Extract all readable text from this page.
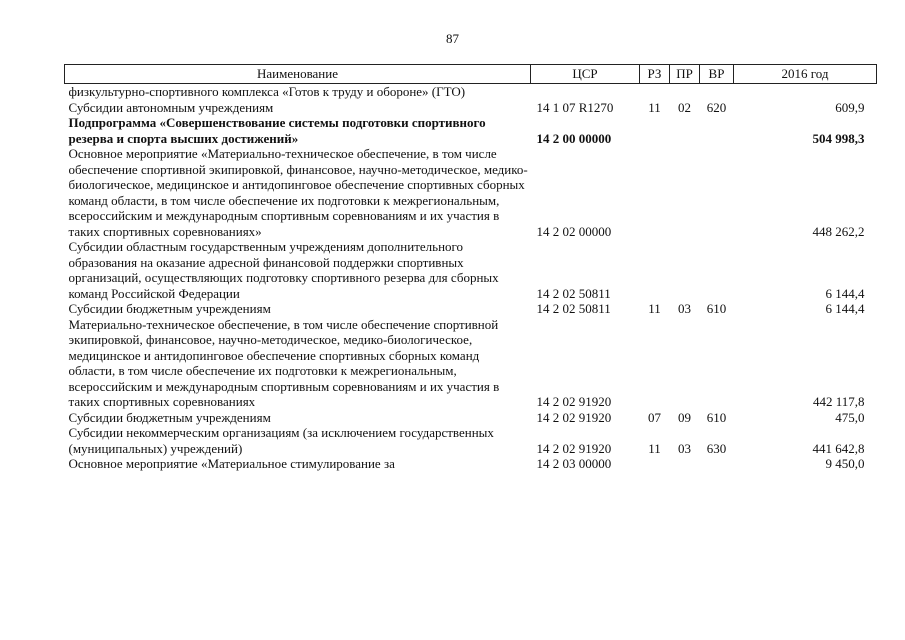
87
Наименование	ЦСР	РЗ	ПР	ВР	2016 год
физкультурно-спортивного комплекса «Готов к труду и обороне» (ГТО)					
Субсидии автономным учреждениям	14 1 07 R1270	11	02	620	609,9
Подпрограмма «Совершенствование системы подготовки спортивного резерва и спорта высших достижений»	14 2 00 00000				504 998,3
Основное мероприятие «Материально-техническое обеспечение, в том числе обеспечение спортивной экипировкой, финансовое, научно-методическое, медико-биологическое, медицинское и антидопинговое обеспечение спортивных сборных команд области, в том числе обеспечение их подготовки к межрегиональным, всероссийским и международным спортивным соревнованиям и их участия в таких спортивных соревнованиях»	14 2 02 00000				448 262,2
Субсидии областным государственным учреждениям дополнительного образования на оказание адресной финансовой поддержки спортивных организаций, осуществляющих подготовку спортивного резерва для сборных команд Российской Федерации	14 2 02 50811				6 144,4
Субсидии бюджетным учреждениям	14 2 02 50811	11	03	610	6 144,4
Материально-техническое обеспечение, в том числе обеспечение спортивной экипировкой, финансовое, научно-методическое, медико-биологическое, медицинское и антидопинговое обеспечение спортивных сборных команд области, в том числе обеспечение их подготовки к межрегиональным, всероссийским и международным спортивным соревнованиям и их участия в таких спортивных соревнованиях	14 2 02 91920				442 117,8
Субсидии бюджетным учреждениям	14 2 02 91920	07	09	610	475,0
Субсидии некоммерческим организациям (за исключением государственных (муниципальных) учреждений)	14 2 02 91920	11	03	630	441 642,8
Основное мероприятие «Материальное стимулирование за	14 2 03 00000				9 450,0
